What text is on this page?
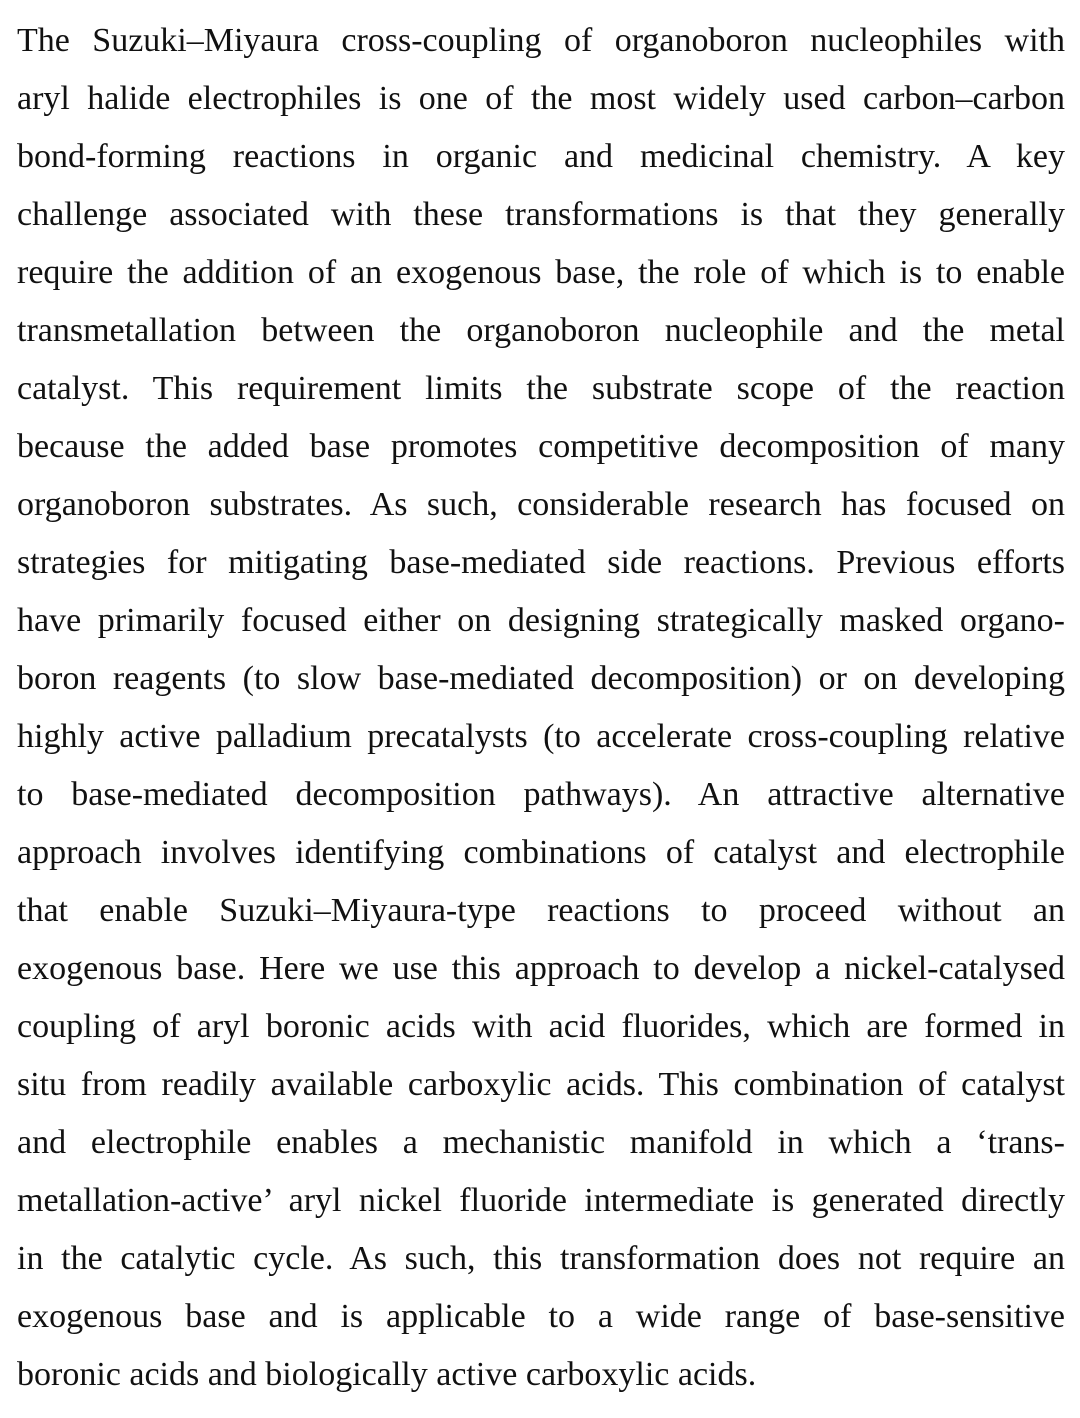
The Suzuki–Miyaura cross-coupling of organoboron nucleophiles with
aryl halide electrophiles is one of the most widely used carbon–carbon
bond-forming reactions in organic and medicinal chemistry. A key
challenge associated with these transformations is that they generally
require the addition of an exogenous base, the role of which is to enable
transmetallation between the organoboron nucleophile and the metal
catalyst. This requirement limits the substrate scope of the reaction
because the added base promotes competitive decomposition of many
organoboron substrates. As such, considerable research has focused on
strategies for mitigating base-mediated side reactions. Previous efforts
have primarily focused either on designing strategically masked organo-
boron reagents (to slow base-mediated decomposition) or on developing
highly active palladium precatalysts (to accelerate cross-coupling relative
to base-mediated decomposition pathways). An attractive alternative
approach involves identifying combinations of catalyst and electrophile
that enable Suzuki–Miyaura-type reactions to proceed without an
exogenous base. Here we use this approach to develop a nickel-catalysed
coupling of aryl boronic acids with acid fluorides, which are formed in
situ from readily available carboxylic acids. This combination of catalyst
and electrophile enables a mechanistic manifold in which a ‘trans-
metallation-active’ aryl nickel fluoride intermediate is generated directly
in the catalytic cycle. As such, this transformation does not require an
exogenous base and is applicable to a wide range of base-sensitive
boronic acids and biologically active carboxylic acids.
